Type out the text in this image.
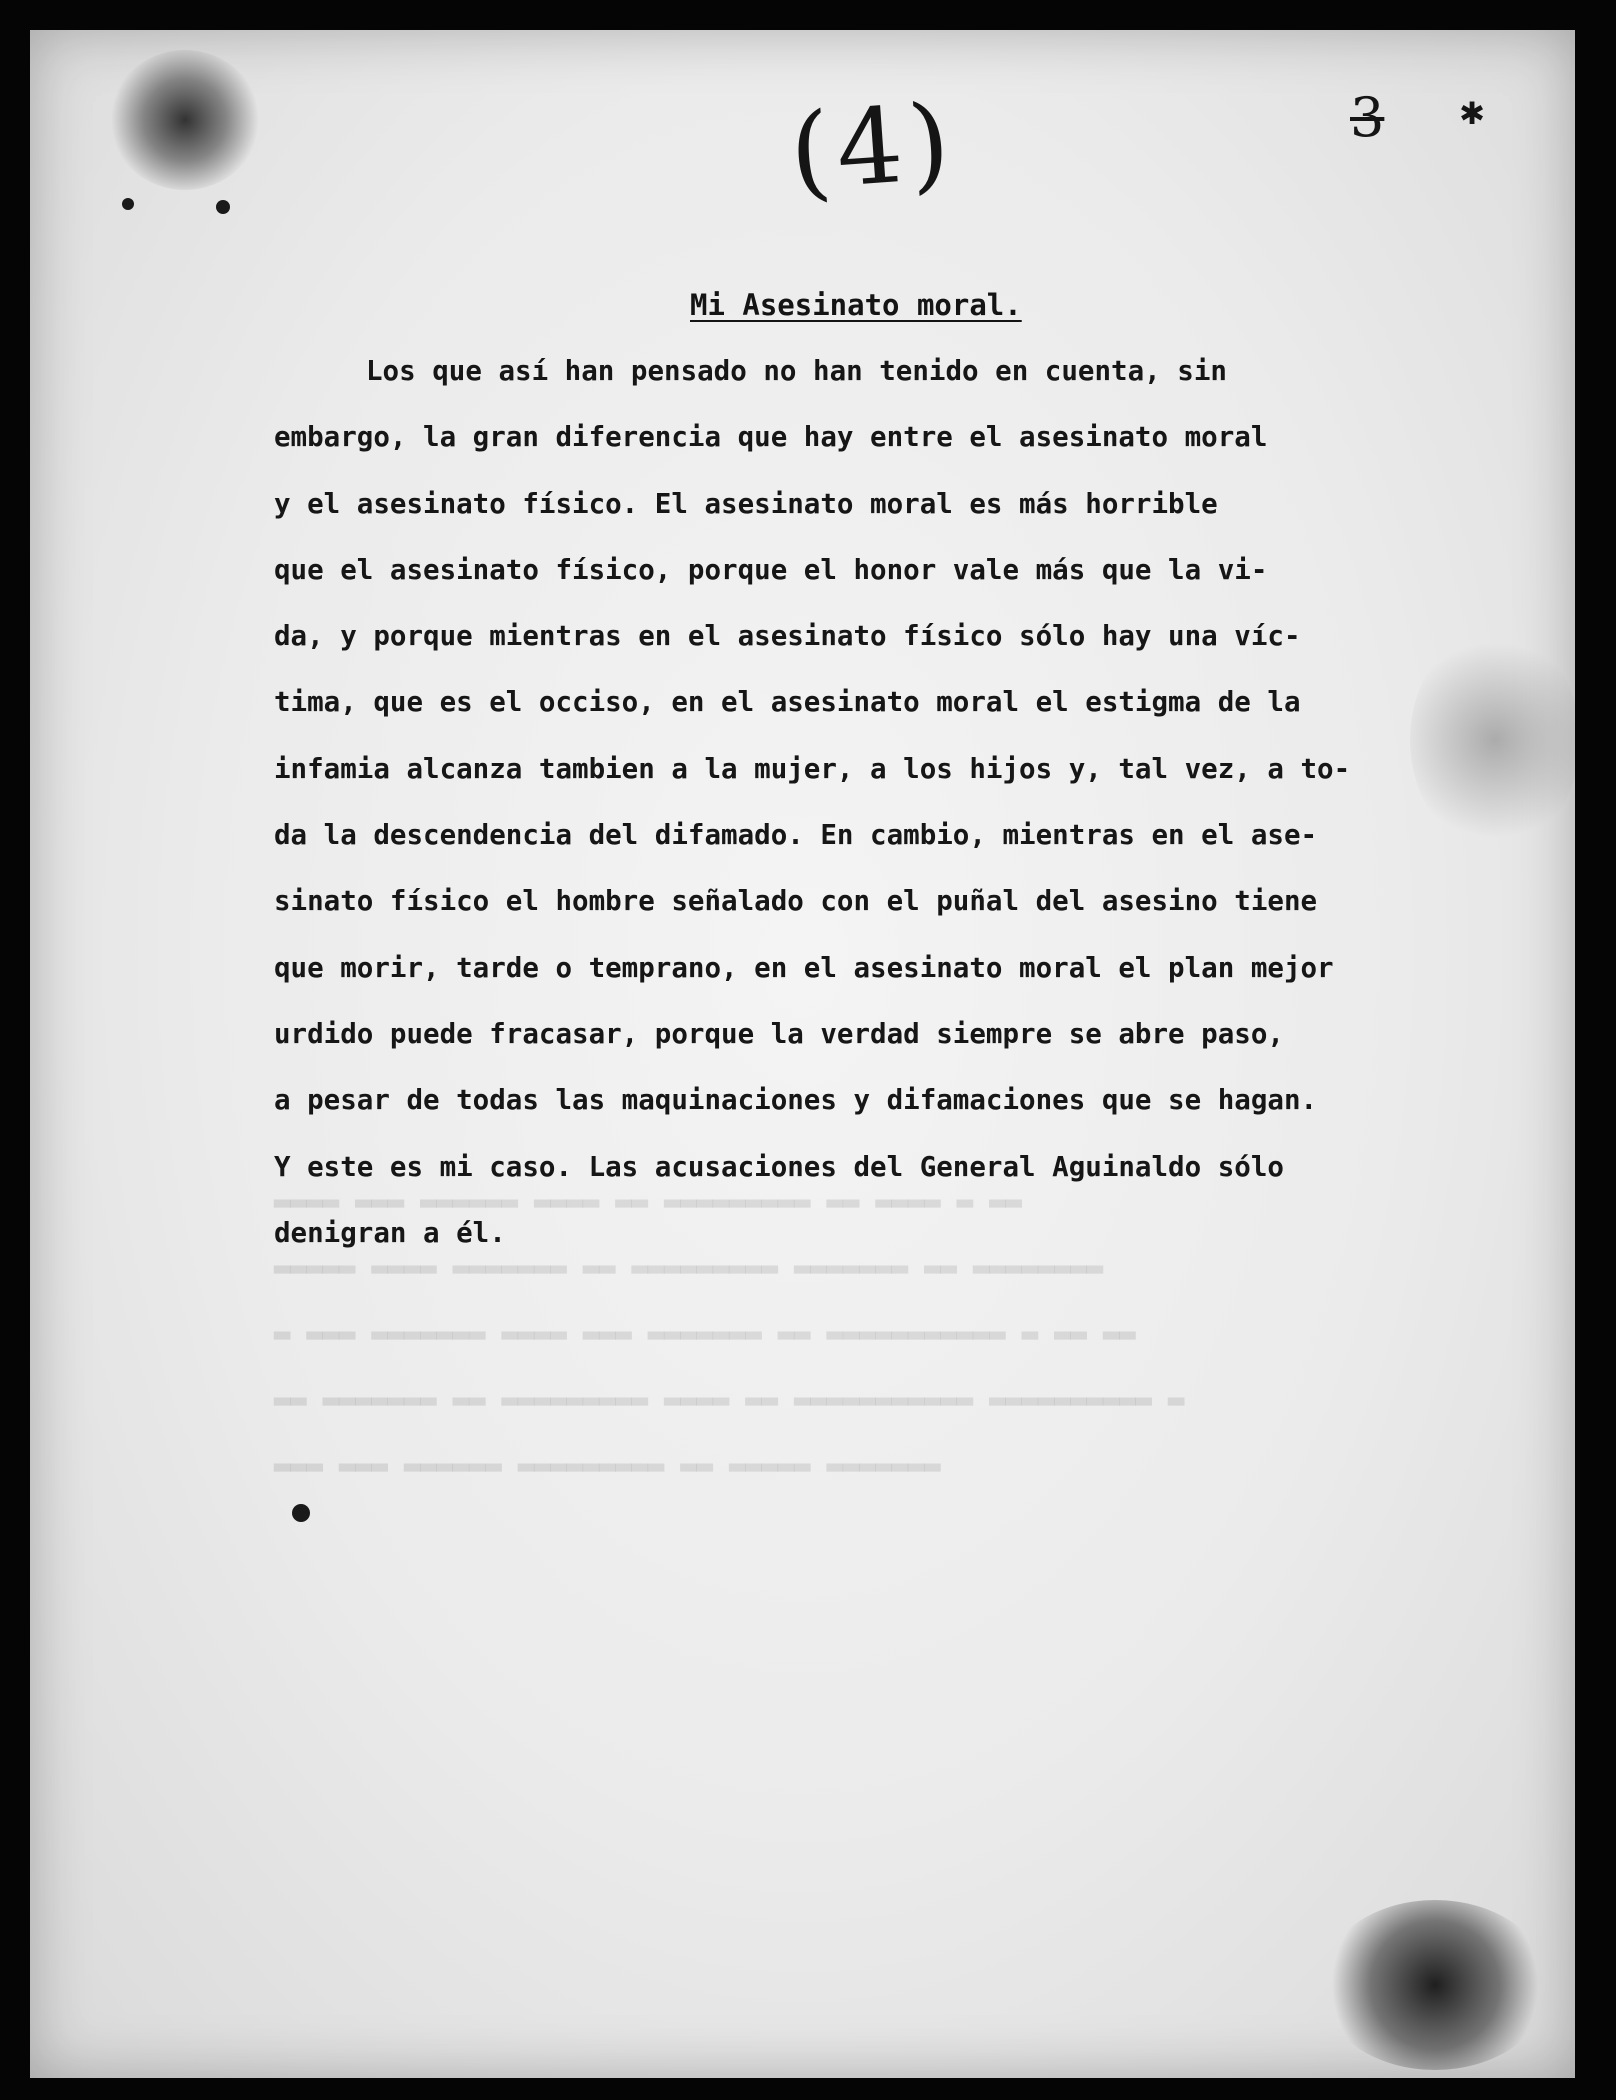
▂▂▂▂ ▂▂▂ ▂▂▂▂▂▂ ▂▂▂▂ ▂▂ ▂▂▂▂▂▂▂▂▂ ▂▂ ▂▂▂▂ ▂ ▂▂
▂▂▂▂▂ ▂▂▂▂ ▂▂▂▂▂▂▂ ▂▂ ▂▂▂▂▂▂▂▂▂ ▂▂▂▂▂▂▂ ▂▂ ▂▂▂▂▂▂▂▂
▂ ▂▂▂ ▂▂▂▂▂▂▂ ▂▂▂▂ ▂▂▂ ▂▂▂▂▂▂▂ ▂▂ ▂▂▂▂▂▂▂▂▂▂▂ ▂ ▂▂ ▂▂
▂▂ ▂▂▂▂▂▂▂ ▂▂ ▂▂▂▂▂▂▂▂▂ ▂▂▂▂ ▂▂ ▂▂▂▂▂▂▂▂▂▂▂ ▂▂▂▂▂▂▂▂▂▂ ▂
▂▂▂ ▂▂▂ ▂▂▂▂▂▂ ▂▂▂▂▂▂▂▂▂ ▂▂ ▂▂▂▂▂ ▂▂▂▂▂▂▂
(4)	3 ✱
Mi Asesinato moral.
Los que así han pensado no han tenido en cuenta, sin
embargo, la gran diferencia que hay entre el asesinato moral
y el asesinato físico. El asesinato moral es más horrible
que el asesinato físico, porque el honor vale más que la vi-
da, y porque mientras en el asesinato físico sólo hay una víc-
tima, que es el occiso, en el asesinato moral el estigma de la
infamia alcanza tambien a la mujer, a los hijos y, tal vez, a to-
da la descendencia del difamado. En cambio, mientras en el ase-
sinato físico el hombre señalado con el puñal del asesino tiene
que morir, tarde o temprano, en el asesinato moral el plan mejor
urdido puede fracasar, porque la verdad siempre se abre paso,
a pesar de todas las maquinaciones y difamaciones que se hagan.
Y este es mi caso. Las acusaciones del General Aguinaldo sólo
denigran a él.
